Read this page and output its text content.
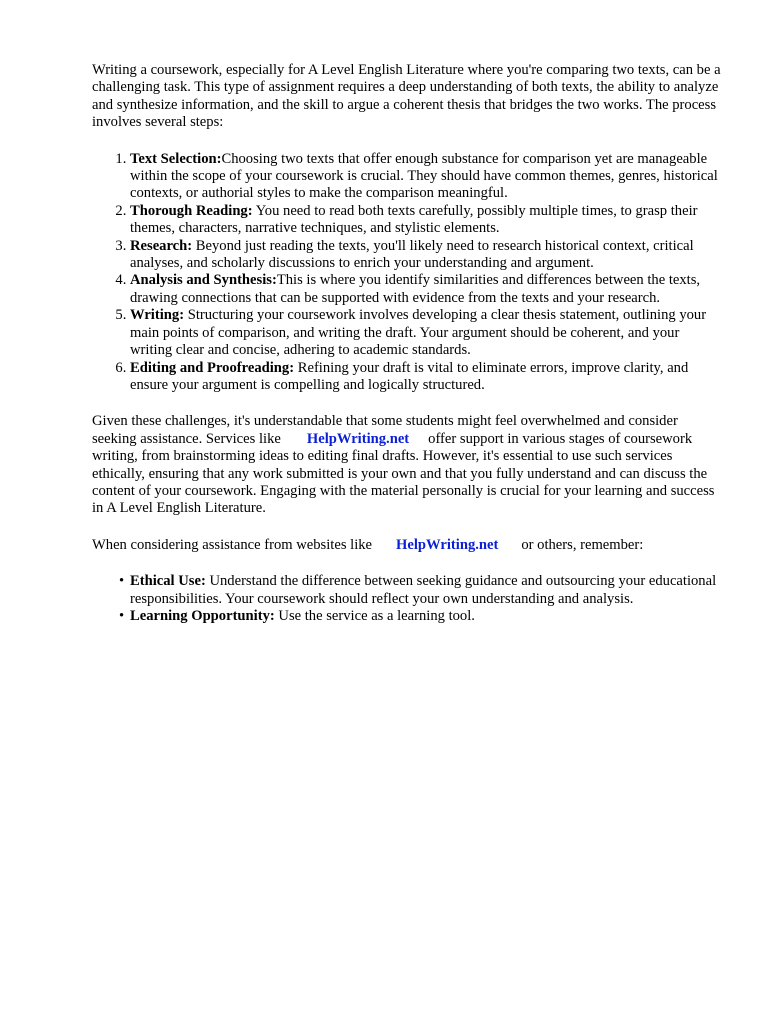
Writing a coursework, especially for A Level English Literature where you're comparing two texts, can be a challenging task. This type of assignment requires a deep understanding of both texts, the ability to analyze and synthesize information, and the skill to argue a coherent thesis that bridges the two works. The process involves several steps:

1. Text Selection:Choosing two texts that offer enough substance for comparison yet are manageable within the scope of your coursework is crucial. They should have common themes, genres, historical contexts, or authorial styles to make the comparison meaningful.
2. Thorough Reading: You need to read both texts carefully, possibly multiple times, to grasp their themes, characters, narrative techniques, and stylistic elements.
3. Research: Beyond just reading the texts, you'll likely need to research historical context, critical analyses, and scholarly discussions to enrich your understanding and argument.
4. Analysis and Synthesis:This is where you identify similarities and differences between the texts, drawing connections that can be supported with evidence from the texts and your research.
5. Writing: Structuring your coursework involves developing a clear thesis statement, outlining your main points of comparison, and writing the draft. Your argument should be coherent, and your writing clear and concise, adhering to academic standards.
6. Editing and Proofreading: Refining your draft is vital to eliminate errors, improve clarity, and ensure your argument is compelling and logically structured.

Given these challenges, it's understandable that some students might feel overwhelmed and consider seeking assistance. Services like HelpWriting.net offer support in various stages of coursework writing, from brainstorming ideas to editing final drafts. However, it's essential to use such services ethically, ensuring that any work submitted is your own and that you fully understand and can discuss the content of your coursework. Engaging with the material personally is crucial for your learning and success in A Level English Literature.

When considering assistance from websites like HelpWriting.net or others, remember:

• Ethical Use: Understand the difference between seeking guidance and outsourcing your educational responsibilities. Your coursework should reflect your own understanding and analysis.
• Learning Opportunity: Use the service as a learning tool.
